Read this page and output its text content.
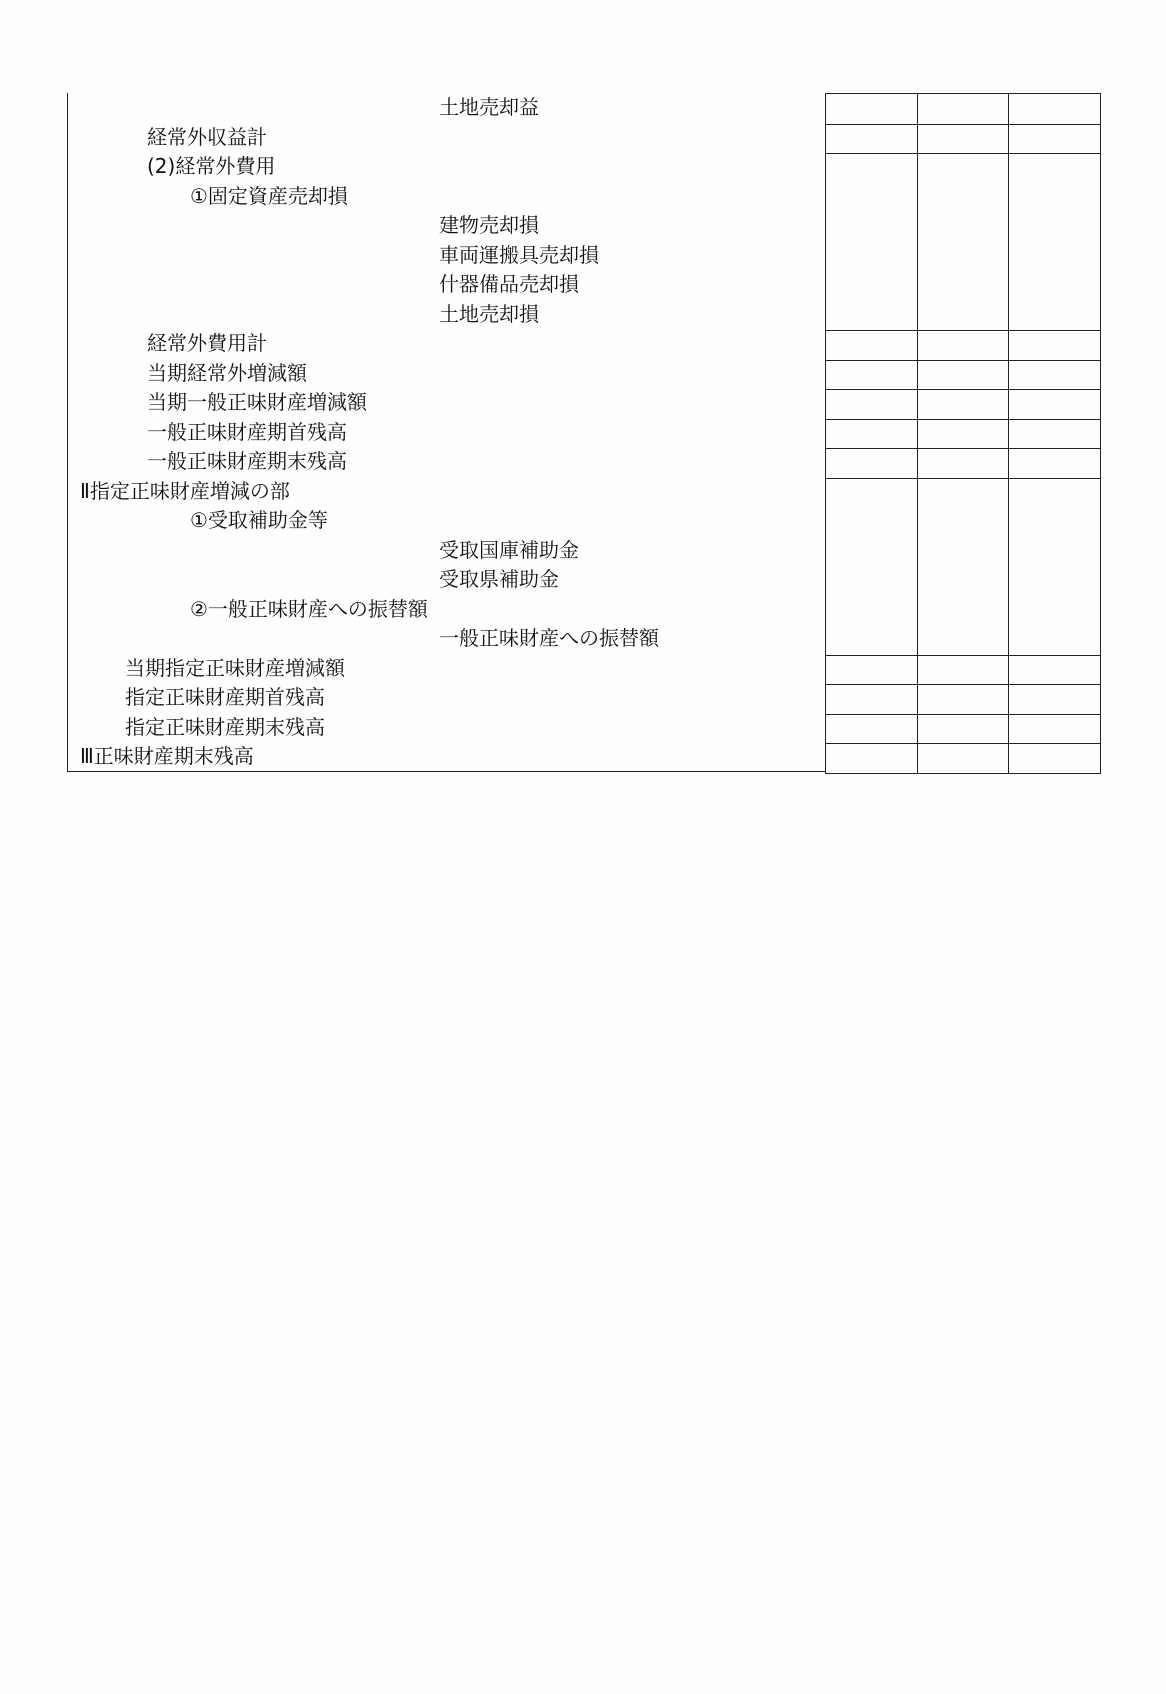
土地売却益
経常外収益計
(2)経常外費用
①固定資産売却損
建物売却損
車両運搬具売却損
什器備品売却損
土地売却損
経常外費用計
当期経常外増減額
当期一般正味財産増減額
一般正味財産期首残高
一般正味財産期末残高
Ⅱ指定正味財産増減の部
①受取補助金等
受取国庫補助金
受取県補助金
②一般正味財産への振替額
一般正味財産への振替額
当期指定正味財産増減額
指定正味財産期首残高
指定正味財産期末残高
Ⅲ正味財産期末残高
